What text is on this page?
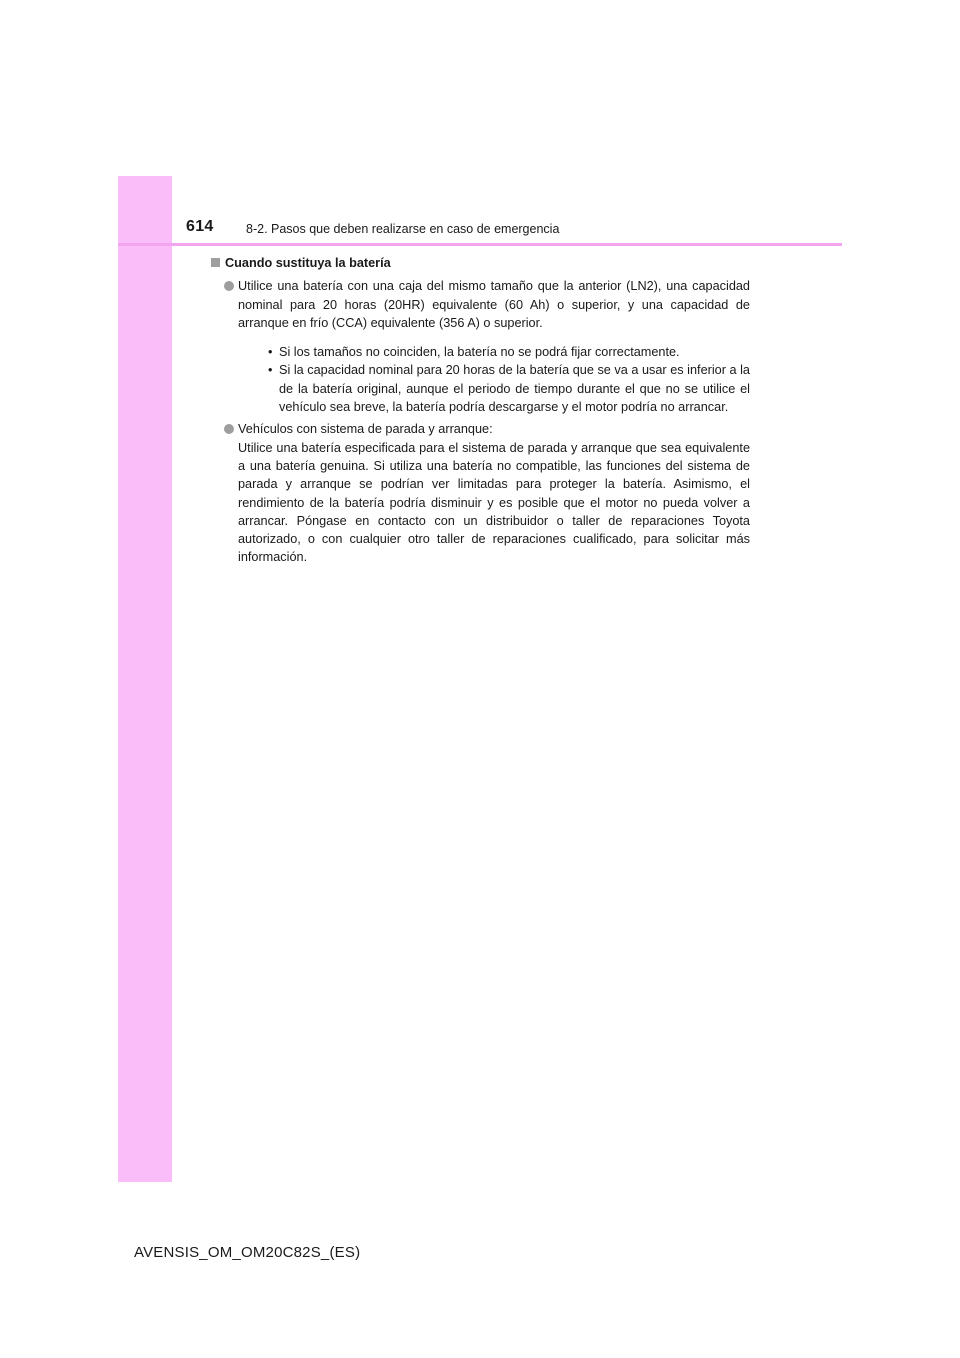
614	8-2. Pasos que deben realizarse en caso de emergencia
Cuando sustituya la batería

Utilice una batería con una caja del mismo tamaño que la anterior (LN2), una capacidad nominal para 20 horas (20HR) equivalente (60 Ah) o superior, y una capacidad de arranque en frío (CCA) equivalente (356 A) o superior.

• Si los tamaños no coinciden, la batería no se podrá fijar correctamente.
• Si la capacidad nominal para 20 horas de la batería que se va a usar es inferior a la de la batería original, aunque el periodo de tiempo durante el que no se utilice el vehículo sea breve, la batería podría descargarse y el motor podría no arrancar.

Vehículos con sistema de parada y arranque:

Utilice una batería especificada para el sistema de parada y arranque que sea equivalente a una batería genuina. Si utiliza una batería no compatible, las funciones del sistema de parada y arranque se podrían ver limitadas para proteger la batería. Asimismo, el rendimiento de la batería podría disminuir y es posible que el motor no pueda volver a arrancar. Póngase en contacto con un distribuidor o taller de reparaciones Toyota autorizado, o con cualquier otro taller de reparaciones cualificado, para solicitar más información.

AVENSIS_OM_OM20C82S_(ES)
